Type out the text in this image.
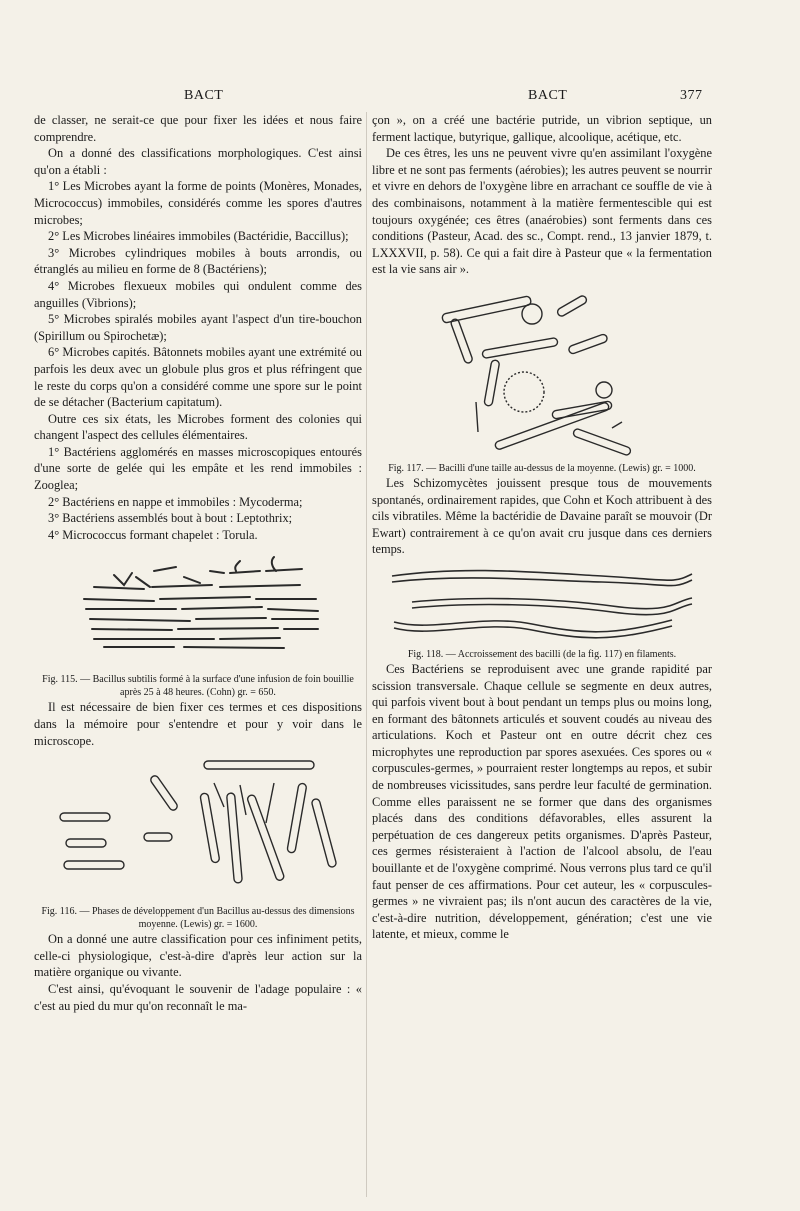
BACT	BACT	377

de classer, ne serait-ce que pour fixer les idées et nous faire comprendre.

On a donné des classifications morphologiques. C'est ainsi qu'on a établi :

1° Les Microbes ayant la forme de points (Monères, Monades, Micrococcus) immobiles, considérés comme les spores d'autres microbes;

2° Les Microbes linéaires immobiles (Bactéridie, Baccillus);

3° Microbes cylindriques mobiles à bouts arrondis, ou étranglés au milieu en forme de 8 (Bactériens);

4° Microbes flexueux mobiles qui ondulent comme des anguilles (Vibrions);

5° Microbes spiralés mobiles ayant l'aspect d'un tire-bouchon (Spirillum ou Spirochetæ);

6° Microbes capités. Bâtonnets mobiles ayant une extrémité ou parfois les deux avec un globule plus gros et plus réfringent que le reste du corps qu'on a considéré comme une spore sur le point de se détacher (Bacterium capitatum).

Outre ces six états, les Microbes forment des colonies qui changent l'aspect des cellules élémentaires.

1° Bactériens agglomérés en masses microscopiques entourés d'une sorte de gelée qui les empâte et les rend immobiles : Zooglea;

2° Bactériens en nappe et immobiles : Mycoderma;

3° Bactériens assemblés bout à bout : Leptothrix;

4° Micrococcus formant chapelet : Torula.

Fig. 115. — Bacillus subtilis formé à la surface d'une infusion de foin bouillie après 25 à 48 heures. (Cohn) gr. = 650.

Il est nécessaire de bien fixer ces termes et ces dispositions dans la mémoire pour s'entendre et pour y voir dans le microscope.

Fig. 116. — Phases de développement d'un Bacillus au-dessus des dimensions moyenne. (Lewis) gr. = 1600.

On a donné une autre classification pour ces infiniment petits, celle-ci physiologique, c'est-à-dire d'après leur action sur la matière organique ou vivante.

C'est ainsi, qu'évoquant le souvenir de l'adage populaire : « c'est au pied du mur qu'on reconnaît le ma-

çon », on a créé une bactérie putride, un vibrion septique, un ferment lactique, butyrique, gallique, alcoolique, acétique, etc.

De ces êtres, les uns ne peuvent vivre qu'en assimilant l'oxygène libre et ne sont pas ferments (aérobies); les autres peuvent se nourrir et vivre en dehors de l'oxygène libre en arrachant ce souffle de vie à des combinaisons, notamment à la matière fermentescible qui est toujours oxygénée; ces êtres (anaérobies) sont ferments dans ces conditions (Pasteur, Acad. des sc., Compt. rend., 13 janvier 1879, t. LXXXVII, p. 58). Ce qui a fait dire à Pasteur que « la fermentation est la vie sans air ».

Fig. 117. — Bacilli d'une taille au-dessus de la moyenne. (Lewis) gr. = 1000.

Les Schizomycètes jouissent presque tous de mouvements spontanés, ordinairement rapides, que Cohn et Koch attribuent à des cils vibratiles. Même la bactéridie de Davaine paraît se mouvoir (Dr Ewart) contrairement à ce qu'on avait cru jusque dans ces derniers temps.

Fig. 118. — Accroissement des bacilli (de la fig. 117) en filaments.

Ces Bactériens se reproduisent avec une grande rapidité par scission transversale. Chaque cellule se segmente en deux autres, qui parfois vivent bout à bout pendant un temps plus ou moins long, en formant des bâtonnets articulés et souvent coudés au niveau des articulations. Koch et Pasteur ont en outre décrit chez ces microphytes une reproduction par spores asexuées. Ces spores ou « corpuscules-germes, » pourraient rester longtemps au repos, et subir de nombreuses vicissitudes, sans perdre leur faculté de germination. Comme elles paraissent ne se former que dans des organismes placés dans des conditions défavorables, elles assurent la perpétuation de ces dangereux petits organismes. D'après Pasteur, ces germes résisteraient à l'action de l'alcool absolu, de l'eau bouillante et de l'oxygène comprimé. Nous verrons plus tard ce qu'il faut penser de ces affirmations. Pour cet auteur, les « corpuscules-germes » ne vivraient pas; ils n'ont aucun des caractères de la vie, c'est-à-dire nutrition, développement, génération; c'est une vie latente, et mieux, comme le
